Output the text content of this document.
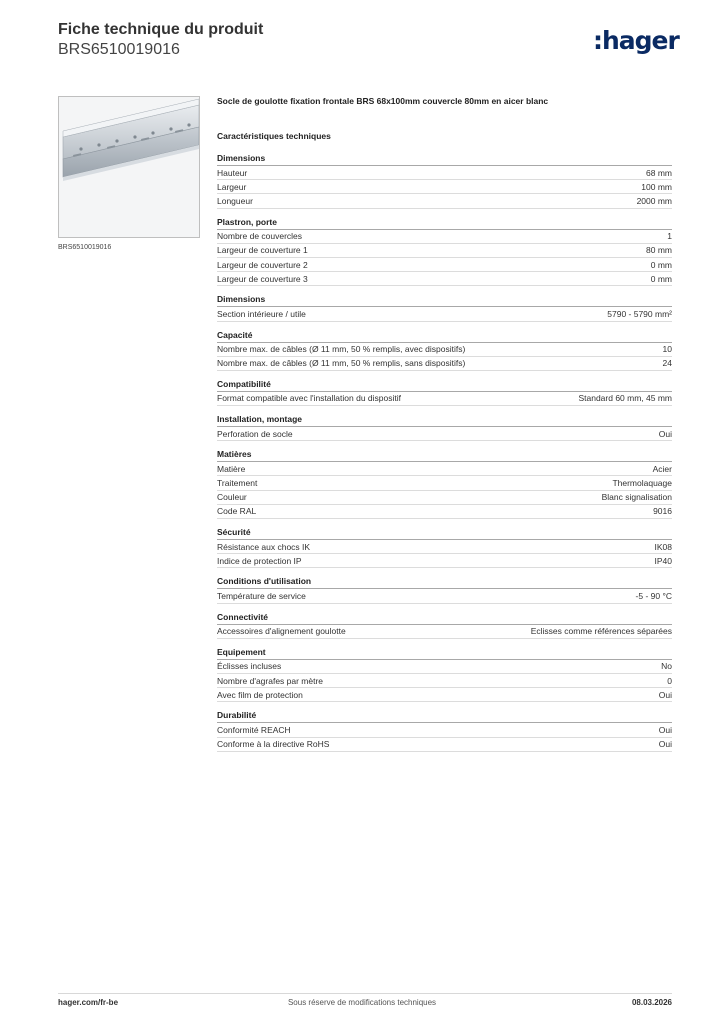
Fiche technique du produit

BRS6510019016	:hager
BRS6510019016

Socle de goulotte fixation frontale BRS 68x100mm couvercle 80mm en aicer blanc

Caractéristiques techniques

Dimensions
Hauteur	68 mm
Largeur	100 mm
Longueur	2000 mm
Plastron, porte
Nombre de couvercles	1
Largeur de couverture 1	80 mm
Largeur de couverture 2	0 mm
Largeur de couverture 3	0 mm
Dimensions
Section intérieure / utile	5790 - 5790 mm²
Capacité
Nombre max. de câbles (Ø 11 mm, 50 % remplis, avec dispositifs)	10
Nombre max. de câbles (Ø 11 mm, 50 % remplis, sans dispositifs)	24
Compatibilité
Format compatible avec l'installation du dispositif	Standard 60 mm, 45 mm
Installation, montage
Perforation de socle	Oui
Matières
Matière	Acier
Traitement	Thermolaquage
Couleur	Blanc signalisation
Code RAL	9016
Sécurité
Résistance aux chocs IK	IK08
Indice de protection IP	IP40
Conditions d'utilisation
Température de service	-5 - 90 °C
Connectivité
Accessoires d'alignement goulotte	Eclisses comme références séparées
Equipement
Éclisses incluses	No
Nombre d'agrafes par mètre	0
Avec film de protection	Oui
Durabilité
Conformité REACH	Oui
Conforme à la directive RoHS	Oui
hager.com/fr-be	Sous réserve de modifications techniques	08.03.2026
